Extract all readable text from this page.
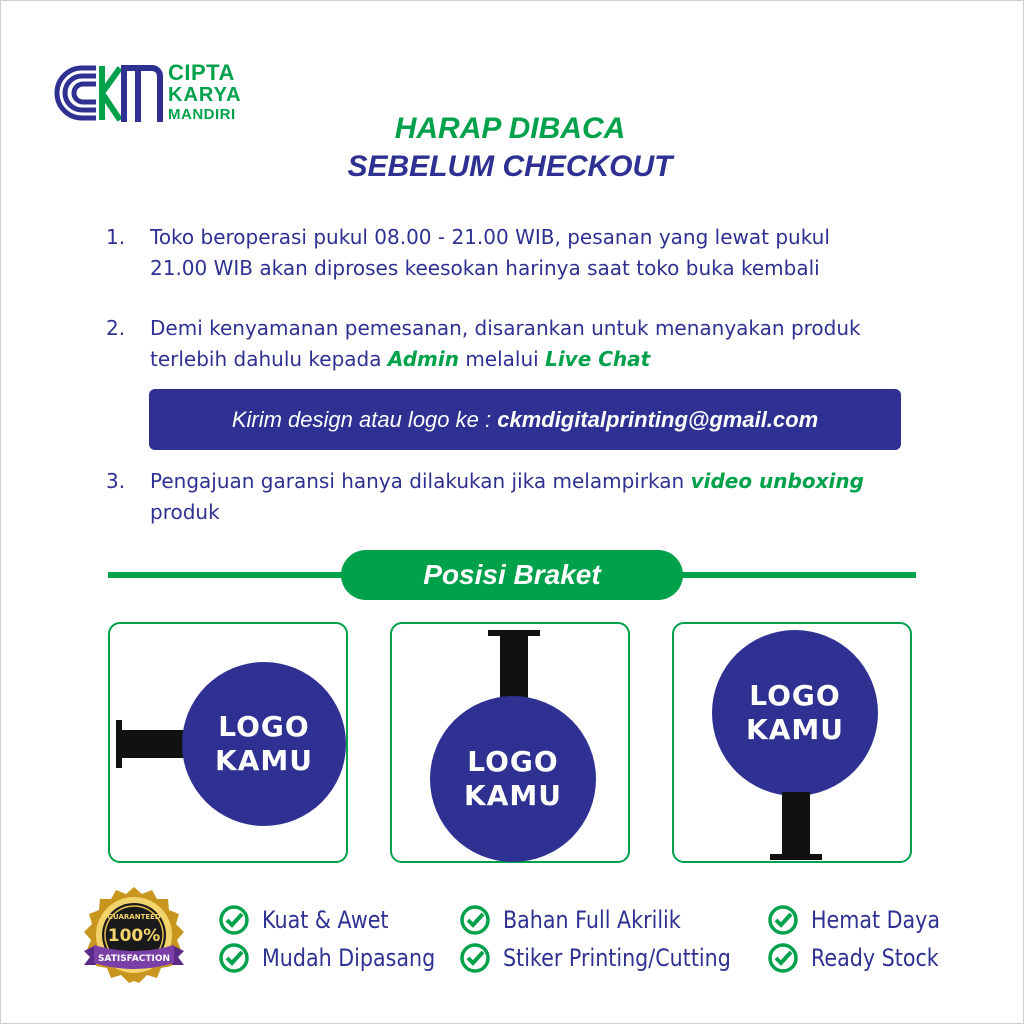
CIPTA
KARYA
MANDIRI	HARAP DIBACA
SEBELUM CHECKOUT
1. Toko beroperasi pukul 08.00 - 21.00 WIB, pesanan yang lewat pukul
21.00 WIB akan diproses keesokan harinya saat toko buka kembali
2. Demi kenyamanan pemesanan, disarankan untuk menanyakan produk
terlebih dahulu kepada Admin melalui Live Chat
Kirim design atau logo ke : ckmdigitalprinting@gmail.com
3. Pengajuan garansi hanya dilakukan jika melampirkan video unboxing produk
Posisi Braket
LOGO
KAMU	LOGO
KAMU
LOGO
KAMU
GUARANTEED
100%
SATISFACTION
Kuat & Awet
Mudah Dipasang
Bahan Full Akrilik
Stiker Printing/Cutting
Hemat Daya
Ready Stock
